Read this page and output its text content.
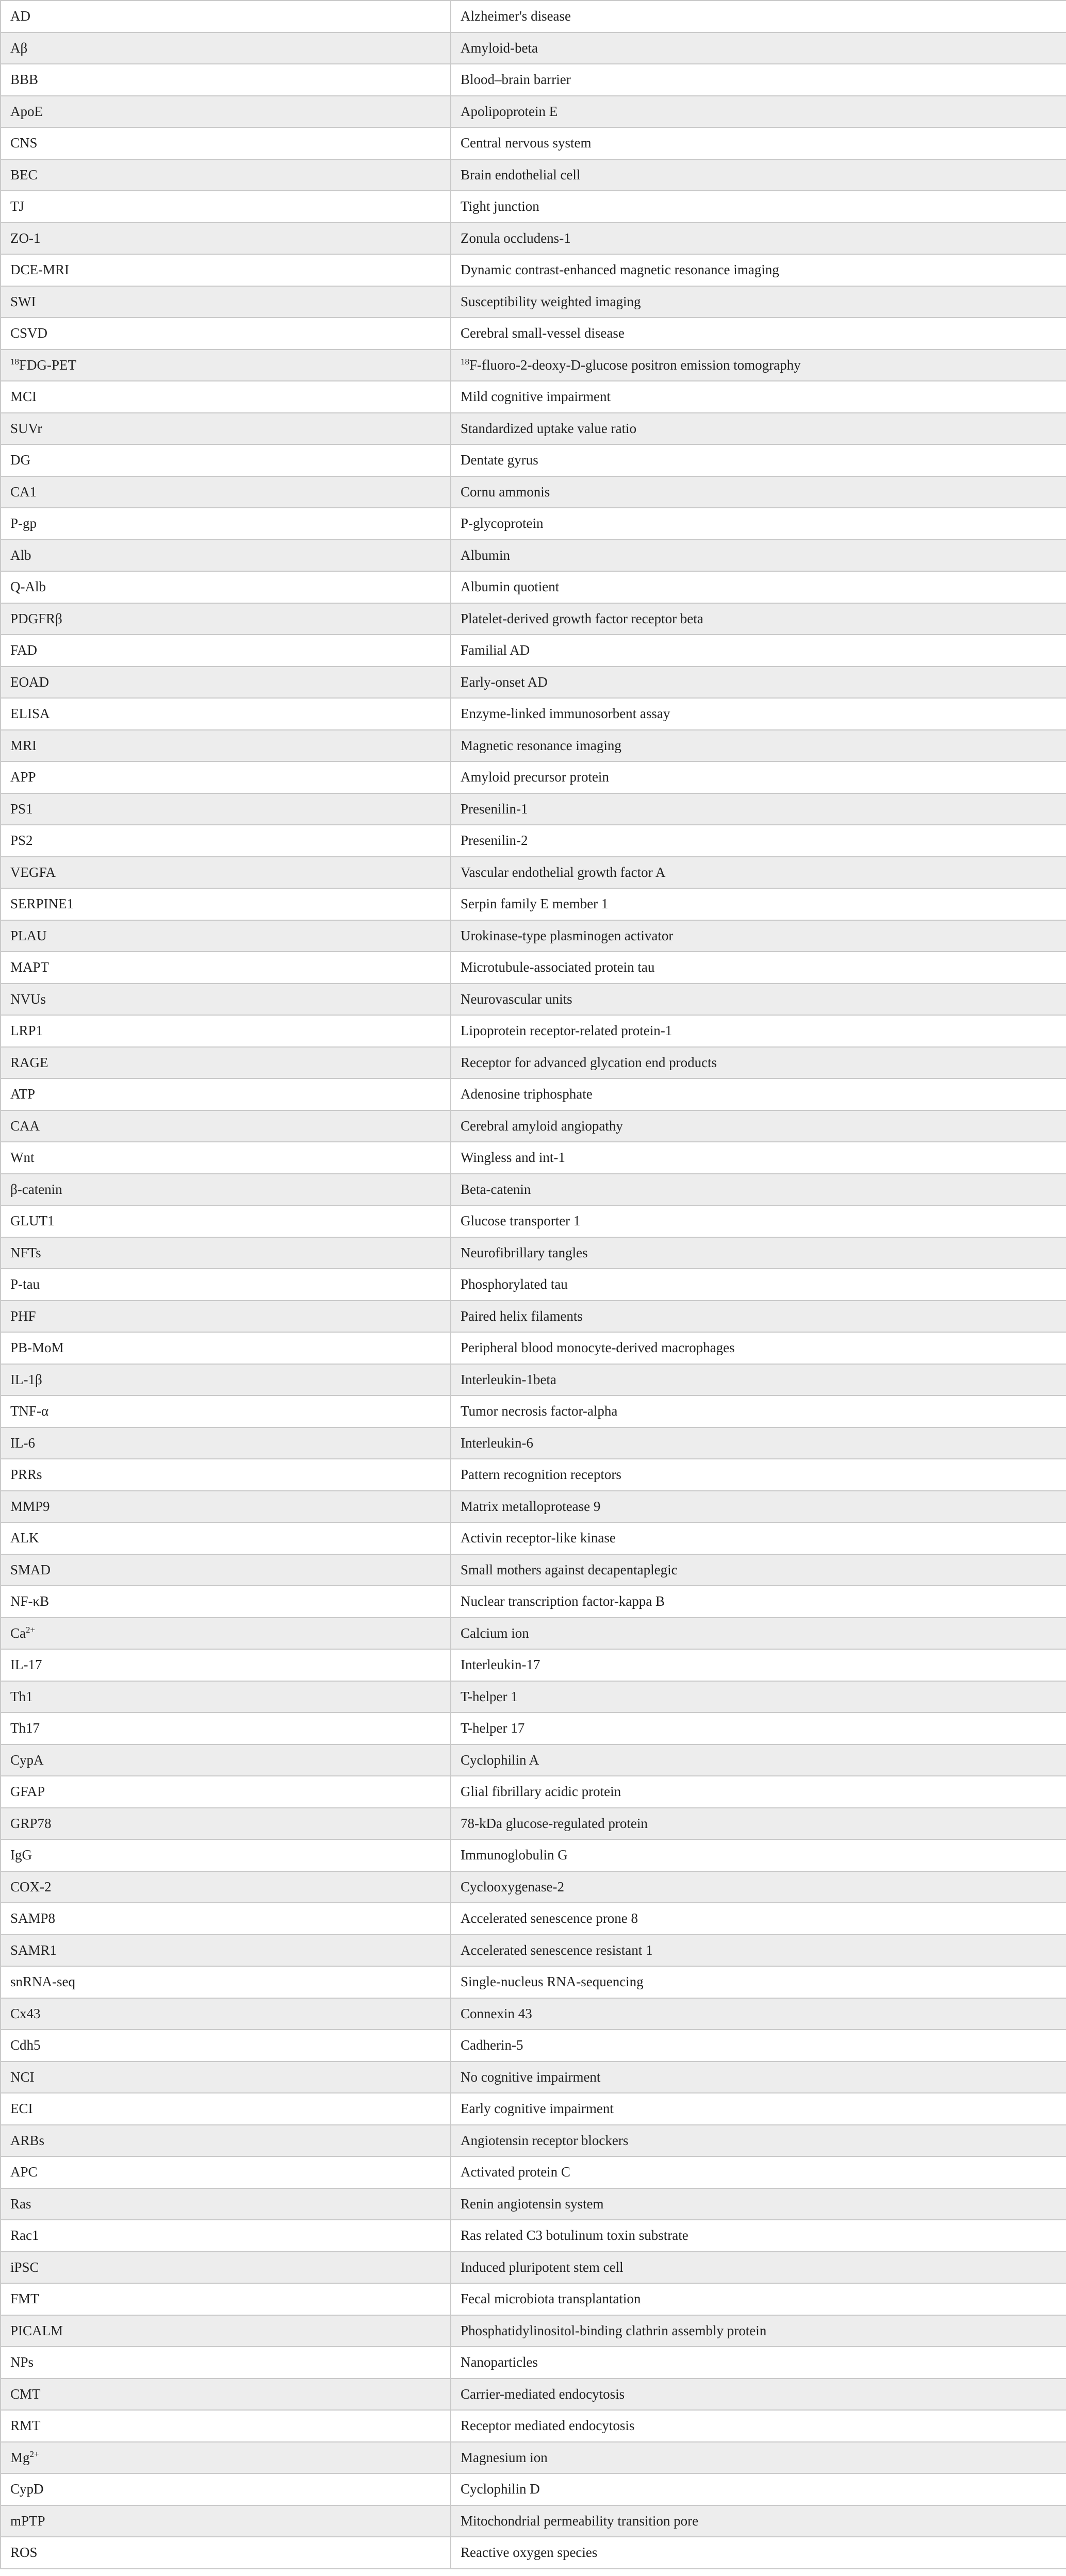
AD	Alzheimer's disease
Aβ	Amyloid-beta
BBB	Blood–brain barrier
ApoE	Apolipoprotein E
CNS	Central nervous system
BEC	Brain endothelial cell
TJ	Tight junction
ZO-1	Zonula occludens-1
DCE-MRI	Dynamic contrast-enhanced magnetic resonance imaging
SWI	Susceptibility weighted imaging
CSVD	Cerebral small-vessel disease
$^{18}$FDG-PET	$^{18}$F-fluoro-2-deoxy-D-glucose positron emission tomography
MCI	Mild cognitive impairment
SUVr	Standardized uptake value ratio
DG	Dentate gyrus
CA1	Cornu ammonis
P-gp	P-glycoprotein
Alb	Albumin
Q-Alb	Albumin quotient
PDGFRβ	Platelet-derived growth factor receptor beta
FAD	Familial AD
EOAD	Early-onset AD
ELISA	Enzyme-linked immunosorbent assay
MRI	Magnetic resonance imaging
APP	Amyloid precursor protein
PS1	Presenilin-1
PS2	Presenilin-2
VEGFA	Vascular endothelial growth factor A
SERPINE1	Serpin family E member 1
PLAU	Urokinase-type plasminogen activator
MAPT	Microtubule-associated protein tau
NVUs	Neurovascular units
LRP1	Lipoprotein receptor-related protein-1
RAGE	Receptor for advanced glycation end products
ATP	Adenosine triphosphate
CAA	Cerebral amyloid angiopathy
Wnt	Wingless and int-1
β-catenin	Beta-catenin
GLUT1	Glucose transporter 1
NFTs	Neurofibrillary tangles
P-tau	Phosphorylated tau
PHF	Paired helix filaments
PB-MoM	Peripheral blood monocyte-derived macrophages
IL-1β	Interleukin-1beta
TNF-α	Tumor necrosis factor-alpha
IL-6	Interleukin-6
PRRs	Pattern recognition receptors
MMP9	Matrix metalloprotease 9
ALK	Activin receptor-like kinase
SMAD	Small mothers against decapentaplegic
NF-κB	Nuclear transcription factor-kappa B
$Ca^{2+}$	Calcium ion
IL-17	Interleukin-17
Th1	T-helper 1
Th17	T-helper 17
CypA	Cyclophilin A
GFAP	Glial fibrillary acidic protein
GRP78	78-kDa glucose-regulated protein
IgG	Immunoglobulin G
COX-2	Cyclooxygenase-2
SAMP8	Accelerated senescence prone 8
SAMR1	Accelerated senescence resistant 1
snRNA-seq	Single-nucleus RNA-sequencing
Cx43	Connexin 43
Cdh5	Cadherin-5
NCI	No cognitive impairment
ECI	Early cognitive impairment
ARBs	Angiotensin receptor blockers
APC	Activated protein C
Ras	Renin angiotensin system
Rac1	Ras related C3 botulinum toxin substrate
iPSC	Induced pluripotent stem cell
FMT	Fecal microbiota transplantation
PICALM	Phosphatidylinositol-binding clathrin assembly protein
NPs	Nanoparticles
CMT	Carrier-mediated endocytosis
RMT	Receptor mediated endocytosis
$Mg^{2+}$	Magnesium ion
CypD	Cyclophilin D
mPTP	Mitochondrial permeability transition pore
ROS	Reactive oxygen species
